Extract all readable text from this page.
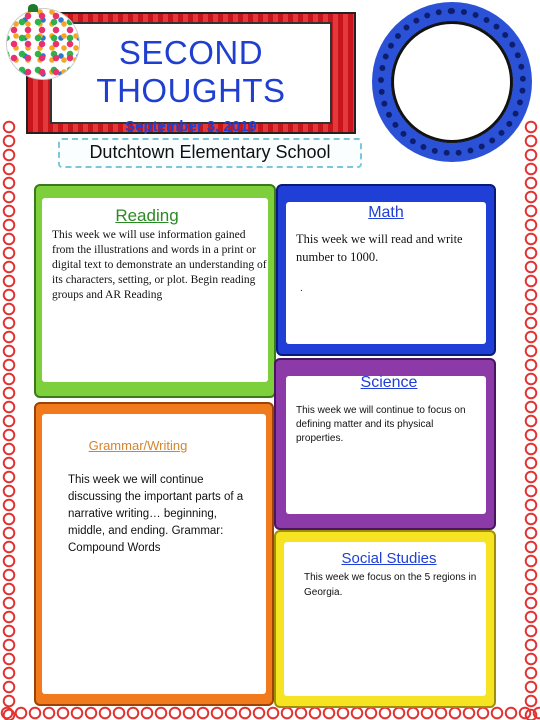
SECOND
THOUGHTS
September 3, 2019
Dutchtown Elementary School
Reading
This week we will use information gained from the illustrations and words in a print or digital text to demonstrate an understanding of its characters, setting, or plot. Begin reading groups and AR Reading
Math
This week we will read and write number to 1000.
.
Science
This week we will continue to focus on defining matter and its physical properties.
Grammar/Writing
This week we will continue discussing the important parts of a narrative writing… beginning, middle, and ending. Grammar: Compound Words
Social Studies
This week we focus on the 5 regions in Georgia.
